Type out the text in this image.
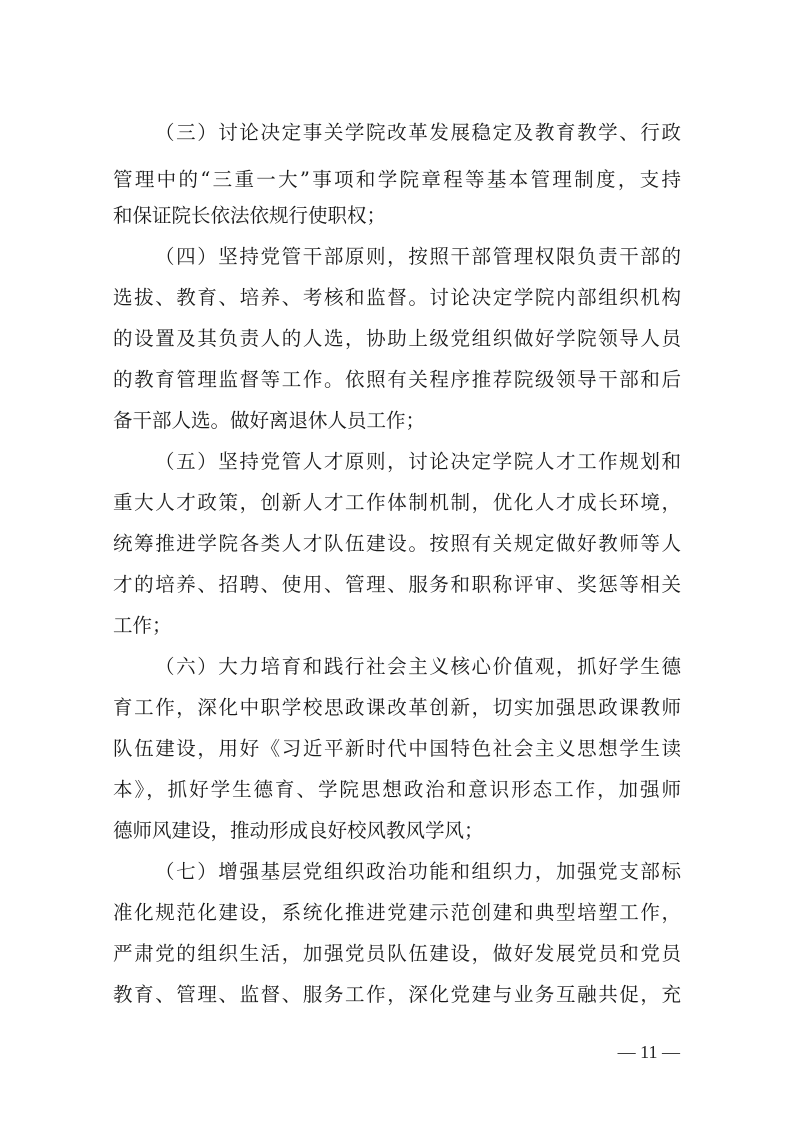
（三）讨论决定事关学院改革发展稳定及教育教学、行政
管理中的“三重一大”事项和学院章程等基本管理制度，支持
和保证院长依法依规行使职权；
（四）坚持党管干部原则，按照干部管理权限负责干部的
选拔、教育、培养、考核和监督。讨论决定学院内部组织机构
的设置及其负责人的人选，协助上级党组织做好学院领导人员
的教育管理监督等工作。依照有关程序推荐院级领导干部和后
备干部人选。做好离退休人员工作；
（五）坚持党管人才原则，讨论决定学院人才工作规划和
重大人才政策，创新人才工作体制机制，优化人才成长环境，
统筹推进学院各类人才队伍建设。按照有关规定做好教师等人
才的培养、招聘、使用、管理、服务和职称评审、奖惩等相关
工作；
（六）大力培育和践行社会主义核心价值观，抓好学生德
育工作，深化中职学校思政课改革创新，切实加强思政课教师
队伍建设，用好《习近平新时代中国特色社会主义思想学生读
本》，抓好学生德育、学院思想政治和意识形态工作，加强师
德师风建设，推动形成良好校风教风学风；
（七）增强基层党组织政治功能和组织力，加强党支部标
准化规范化建设，系统化推进党建示范创建和典型培塑工作，
严肃党的组织生活，加强党员队伍建设，做好发展党员和党员
教育、管理、监督、服务工作，深化党建与业务互融共促，充
— 11 —
